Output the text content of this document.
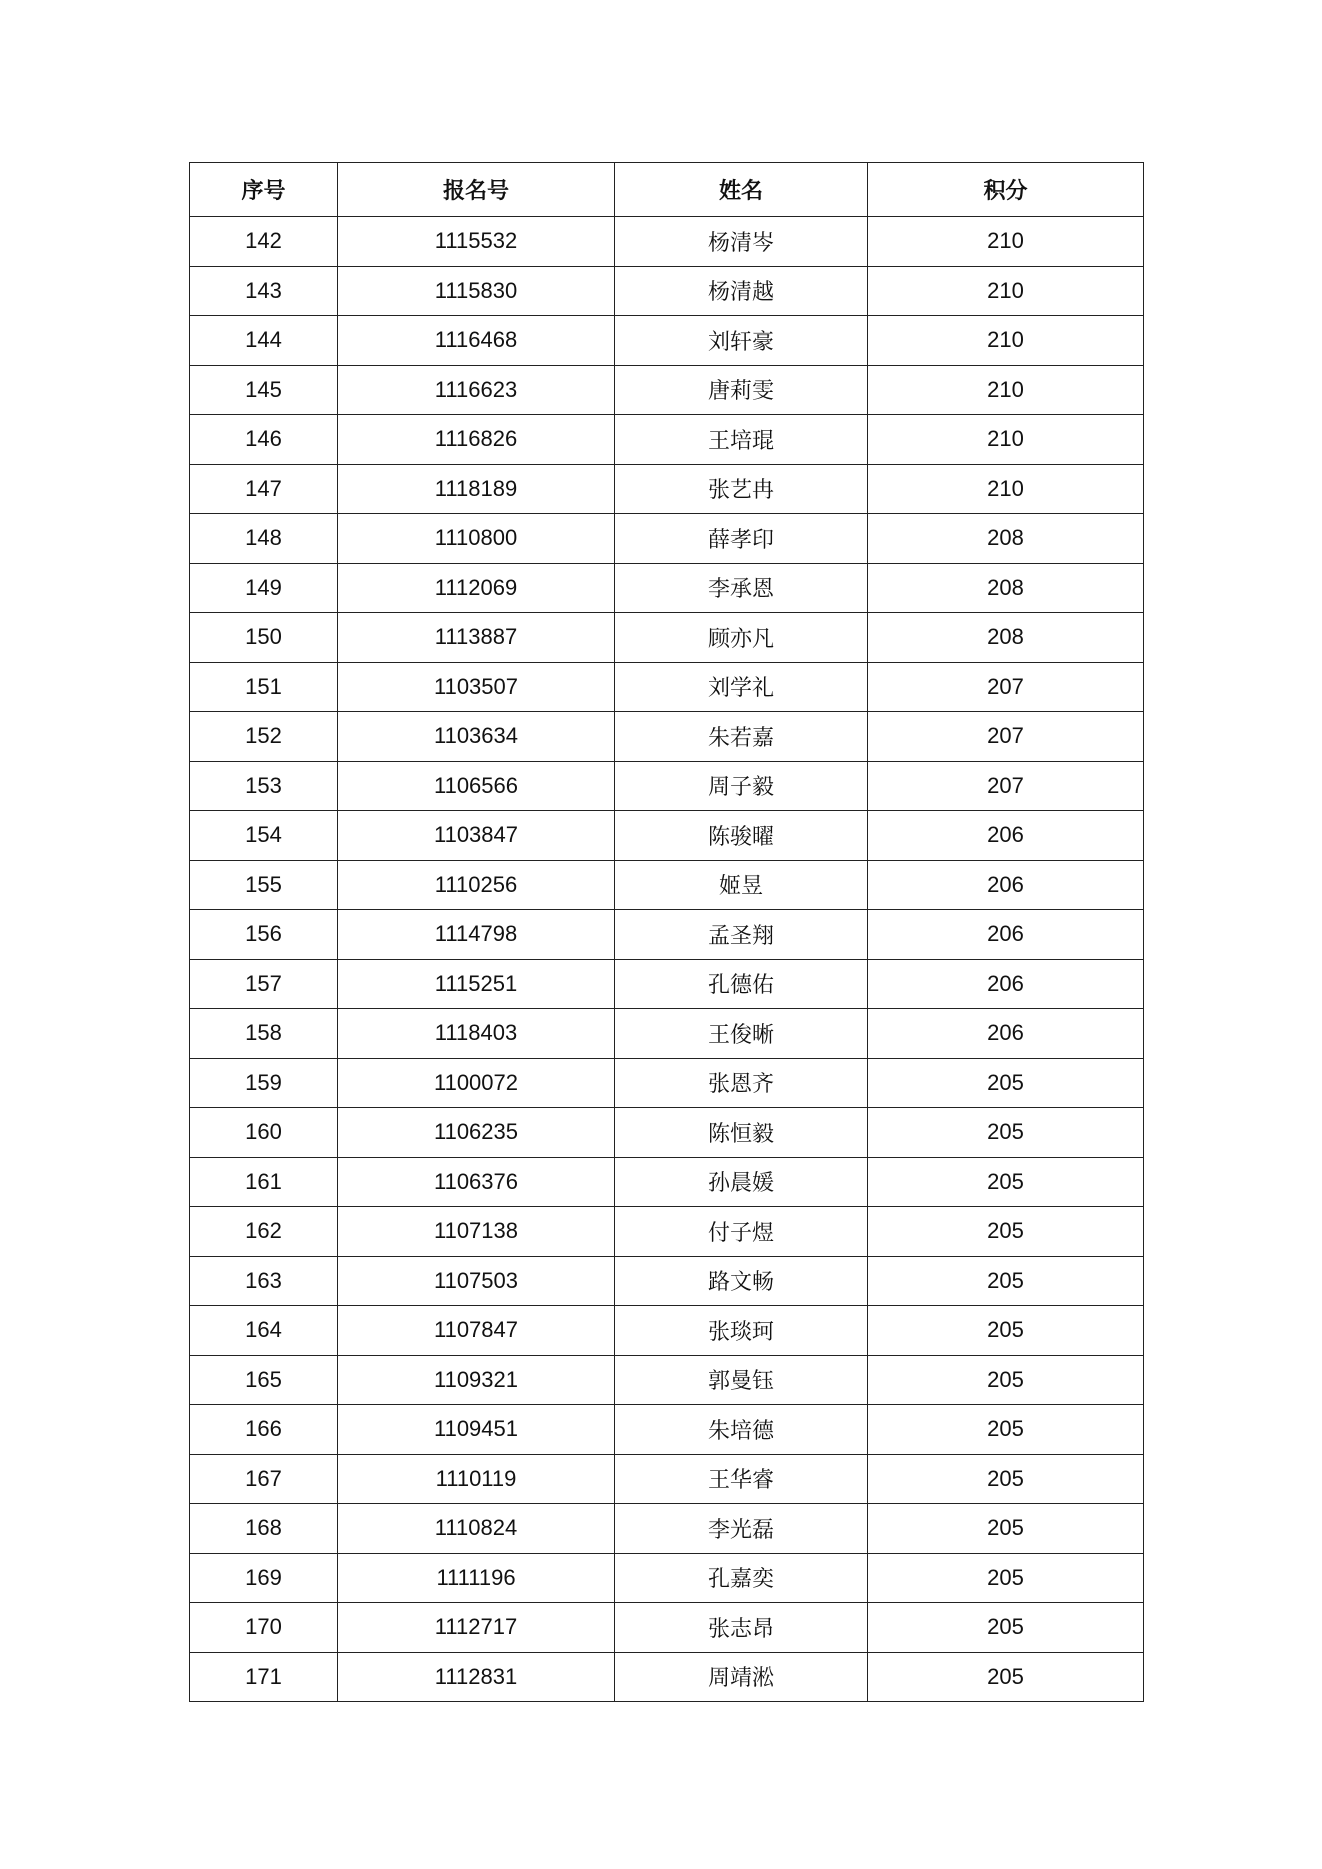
序号	报名号	姓名	积分
142	1115532	杨清岑	210
143	1115830	杨清越	210
144	1116468	刘轩豪	210
145	1116623	唐莉雯	210
146	1116826	王培琨	210
147	1118189	张艺冉	210
148	1110800	薛孝印	208
149	1112069	李承恩	208
150	1113887	顾亦凡	208
151	1103507	刘学礼	207
152	1103634	朱若嘉	207
153	1106566	周子毅	207
154	1103847	陈骏曜	206
155	1110256	姬昱	206
156	1114798	孟圣翔	206
157	1115251	孔德佑	206
158	1118403	王俊晰	206
159	1100072	张恩齐	205
160	1106235	陈恒毅	205
161	1106376	孙晨媛	205
162	1107138	付子煜	205
163	1107503	路文畅	205
164	1107847	张琰珂	205
165	1109321	郭曼钰	205
166	1109451	朱培德	205
167	1110119	王华睿	205
168	1110824	李光磊	205
169	1111196	孔嘉奕	205
170	1112717	张志昂	205
171	1112831	周靖淞	205
